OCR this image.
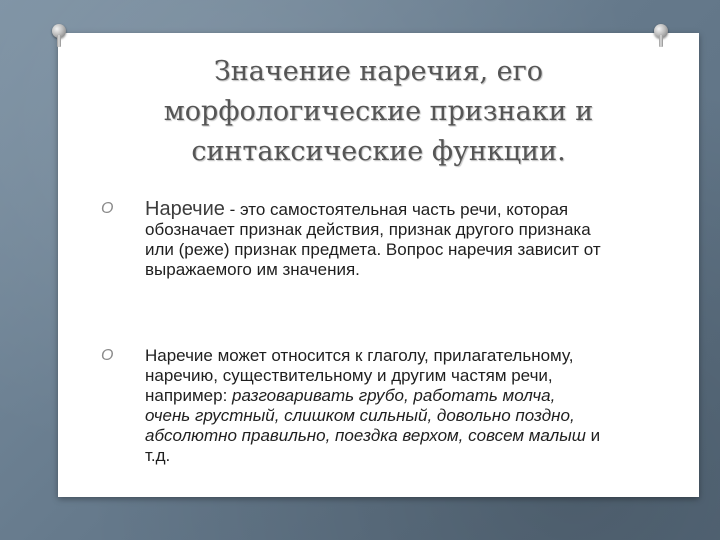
Значение наречия, его
морфологические признаки и
синтаксические функции.
O Наречие - это самостоятельная часть речи, которая обозначает признак действия, признак другого признака или (реже) признак предмета. Вопрос наречия зависит от выражаемого им значения.
O Наречие может относится к глаголу, прилагательному, наречию, существительному и другим частям речи, например: разговаривать грубо, работать молча, очень грустный, слишком сильный, довольно поздно, абсолютно правильно, поездка верхом, совсем малыш и т.д.
